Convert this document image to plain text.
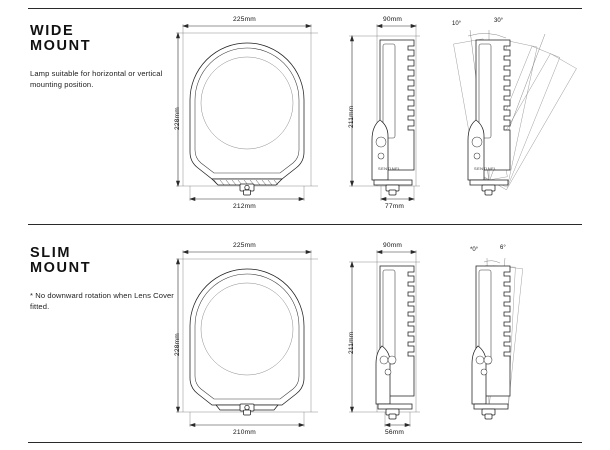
SENTINEL	SENTINEL
WIDE
MOUNT
Lamp suitable for horizontal or vertical mounting position.
225mm
228mm
212mm
90mm
211mm
77mm
10°	30°
SLIM
MOUNT
* No downward rotation when Lens Cover fitted.
225mm
228mm
210mm
90mm
211mm
56mm
*0°	6°
